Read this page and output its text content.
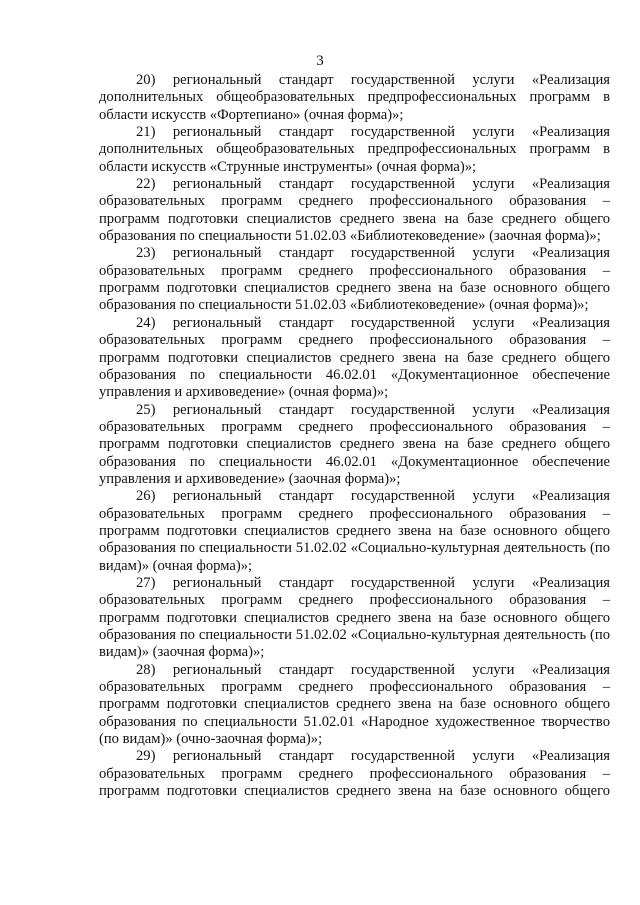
3

20) региональный стандарт государственной услуги «Реализация дополнительных общеобразовательных предпрофессиональных программ в области искусств «Фортепиано» (очная форма)»;

21) региональный стандарт государственной услуги «Реализация дополнительных общеобразовательных предпрофессиональных программ в области искусств «Струнные инструменты» (очная форма)»;

22) региональный стандарт государственной услуги «Реализация образовательных программ среднего профессионального образования – программ подготовки специалистов среднего звена на базе среднего общего образования по специальности 51.02.03 «Библиотековедение» (заочная форма)»;

23) региональный стандарт государственной услуги «Реализация образовательных программ среднего профессионального образования – программ подготовки специалистов среднего звена на базе основного общего образования по специальности 51.02.03 «Библиотековедение» (очная форма)»;

24) региональный стандарт государственной услуги «Реализация образовательных программ среднего профессионального образования – программ подготовки специалистов среднего звена на базе среднего общего образования по специальности 46.02.01 «Документационное обеспечение управления и архивоведение» (очная форма)»;

25) региональный стандарт государственной услуги «Реализация образовательных программ среднего профессионального образования – программ подготовки специалистов среднего звена на базе среднего общего образования по специальности 46.02.01 «Документационное обеспечение управления и архивоведение» (заочная форма)»;

26) региональный стандарт государственной услуги «Реализация образовательных программ среднего профессионального образования – программ подготовки специалистов среднего звена на базе основного общего образования по специальности 51.02.02 «Социально-культурная деятельность (по видам)» (очная форма)»;

27) региональный стандарт государственной услуги «Реализация образовательных программ среднего профессионального образования – программ подготовки специалистов среднего звена на базе основного общего образования по специальности 51.02.02 «Социально-культурная деятельность (по видам)» (заочная форма)»;

28) региональный стандарт государственной услуги «Реализация образовательных программ среднего профессионального образования – программ подготовки специалистов среднего звена на базе основного общего образования по специальности 51.02.01 «Народное художественное творчество (по видам)» (очно-заочная форма)»;

29) региональный стандарт государственной услуги «Реализация образовательных программ среднего профессионального образования – программ подготовки специалистов среднего звена на базе основного общего
